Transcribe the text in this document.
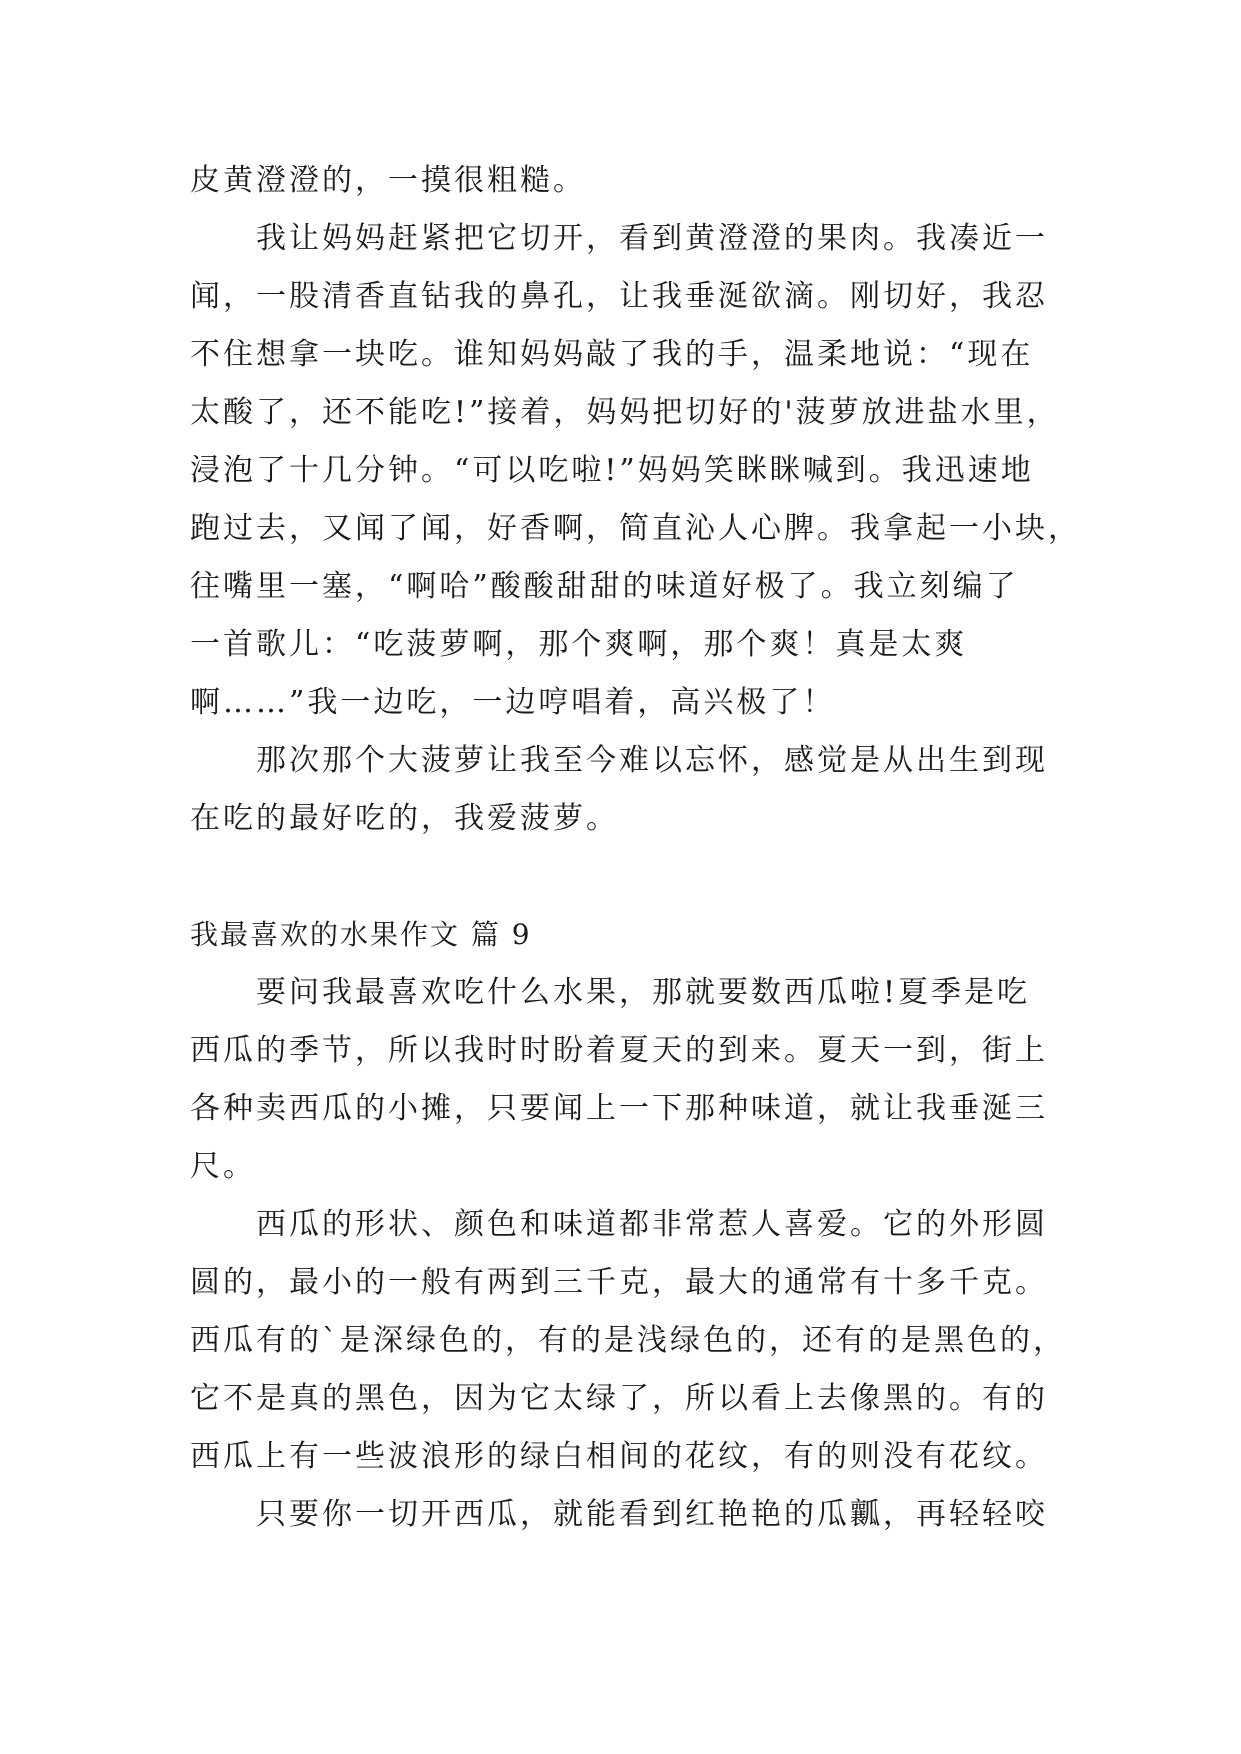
皮黄澄澄的，一摸很粗糙。
我让妈妈赶紧把它切开，看到黄澄澄的果肉。我凑近一
闻，一股清香直钻我的鼻孔，让我垂涎欲滴。刚切好，我忍
不住想拿一块吃。谁知妈妈敲了我的手，温柔地说：“现在
太酸了，还不能吃!”接着，妈妈把切好的'菠萝放进盐水里，
浸泡了十几分钟。“可以吃啦!”妈妈笑眯眯喊到。我迅速地
跑过去，又闻了闻，好香啊，简直沁人心脾。我拿起一小块，
往嘴里一塞，“啊哈”酸酸甜甜的味道好极了。我立刻编了
一首歌儿：“吃菠萝啊，那个爽啊，那个爽！真是太爽
啊……”我一边吃，一边哼唱着，高兴极了！
那次那个大菠萝让我至今难以忘怀，感觉是从出生到现
在吃的最好吃的，我爱菠萝。
我最喜欢的水果作文 篇 9
要问我最喜欢吃什么水果，那就要数西瓜啦!夏季是吃
西瓜的季节，所以我时时盼着夏天的到来。夏天一到，街上
各种卖西瓜的小摊，只要闻上一下那种味道，就让我垂涎三
尺。
西瓜的形状、颜色和味道都非常惹人喜爱。它的外形圆
圆的，最小的一般有两到三千克，最大的通常有十多千克。
西瓜有的`是深绿色的，有的是浅绿色的，还有的是黑色的，
它不是真的黑色，因为它太绿了，所以看上去像黑的。有的
西瓜上有一些波浪形的绿白相间的花纹，有的则没有花纹。
只要你一切开西瓜，就能看到红艳艳的瓜瓤，再轻轻咬
